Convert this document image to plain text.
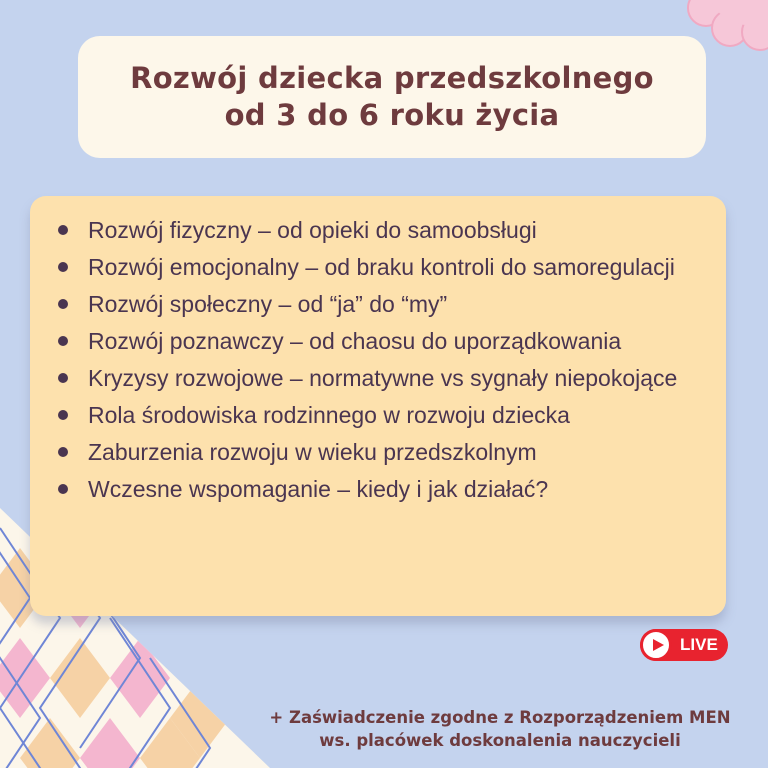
Rozwój dziecka przedszkolnego
od 3 do 6 roku życia
Rozwój fizyczny – od opieki do samoobsługi
Rozwój emocjonalny – od braku kontroli do samoregulacji
Rozwój społeczny – od “ja” do “my”
Rozwój poznawczy – od chaosu do uporządkowania
Kryzysy rozwojowe – normatywne vs sygnały niepokojące
Rola środowiska rodzinnego w rozwoju dziecka
Zaburzenia rozwoju w wieku przedszkolnym
Wczesne wspomaganie – kiedy i jak działać?
LIVE
+ Zaświadczenie zgodne z Rozporządzeniem MEN
ws. placówek doskonalenia nauczycieli
